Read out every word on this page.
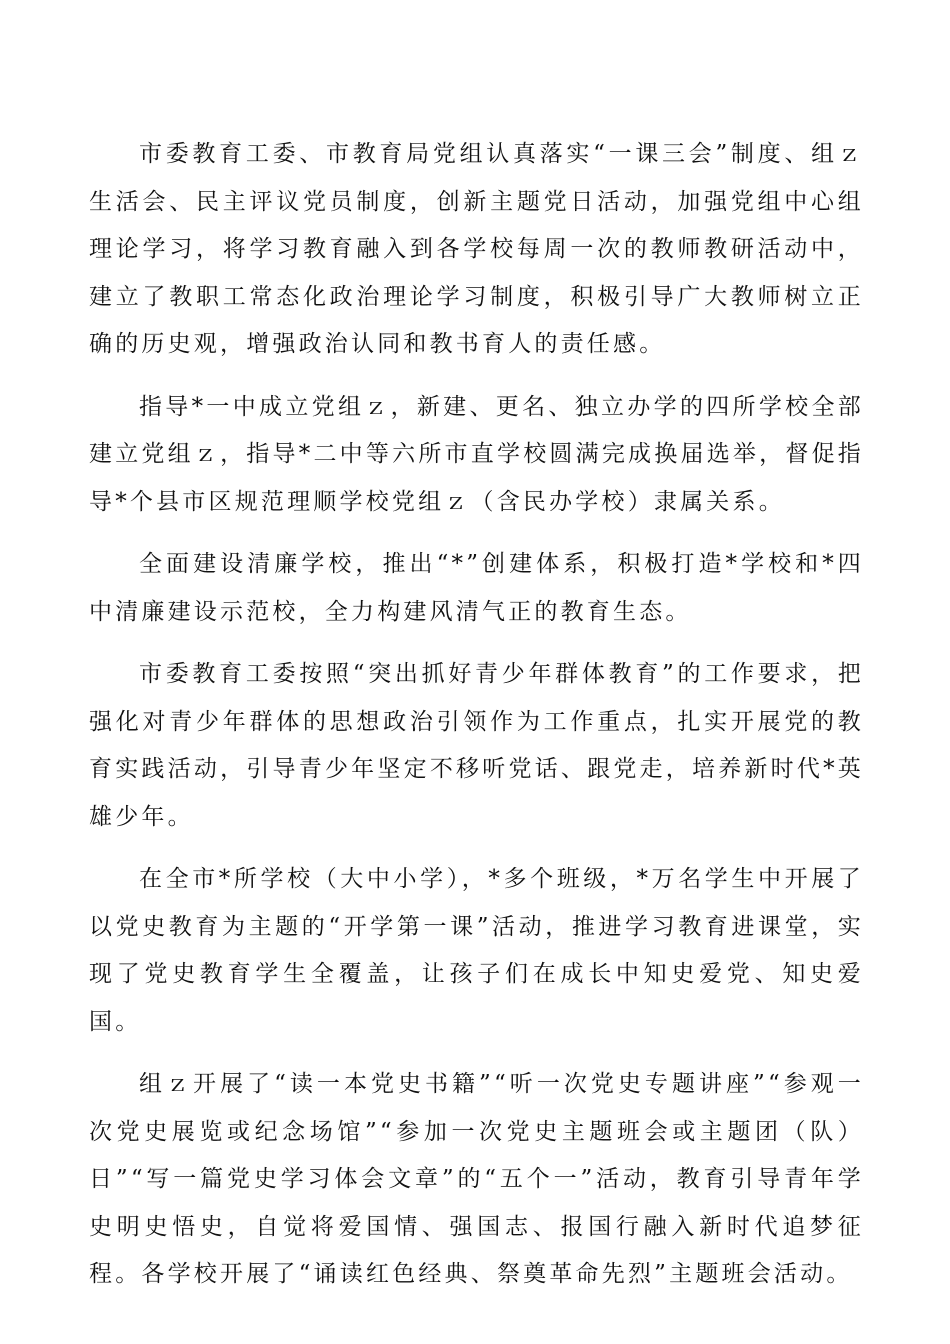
市委教育工委、市教育局党组认真落实“一课三会”制度、组ｚ生活会、民主评议党员制度，创新主题党日活动，加强党组中心组理论学习，将学习教育融入到各学校每周一次的教师教研活动中，建立了教职工常态化政治理论学习制度，积极引导广大教师树立正确的历史观，增强政治认同和教书育人的责任感。

指导*一中成立党组ｚ，新建、更名、独立办学的四所学校全部建立党组ｚ，指导*二中等六所市直学校圆满完成换届选举，督促指导*个县市区规范理顺学校党组ｚ（含民办学校）隶属关系。

全面建设清廉学校，推出“*”创建体系，积极打造*学校和*四中清廉建设示范校，全力构建风清气正的教育生态。

市委教育工委按照“突出抓好青少年群体教育”的工作要求，把强化对青少年群体的思想政治引领作为工作重点，扎实开展党的教育实践活动，引导青少年坚定不移听党话、跟党走，培养新时代*英雄少年。

在全市*所学校（大中小学），*多个班级，*万名学生中开展了以党史教育为主题的“开学第一课”活动，推进学习教育进课堂，实现了党史教育学生全覆盖，让孩子们在成长中知史爱党、知史爱国。

组ｚ开展了“读一本党史书籍”“听一次党史专题讲座”“参观一次党史展览或纪念场馆”“参加一次党史主题班会或主题团（队）日”“写一篇党史学习体会文章”的“五个一”活动，教育引导青年学史明史悟史，自觉将爱国情、强国志、报国行融入新时代追梦征程。各学校开展了“诵读红色经典、祭奠革命先烈”主题班会活动。
